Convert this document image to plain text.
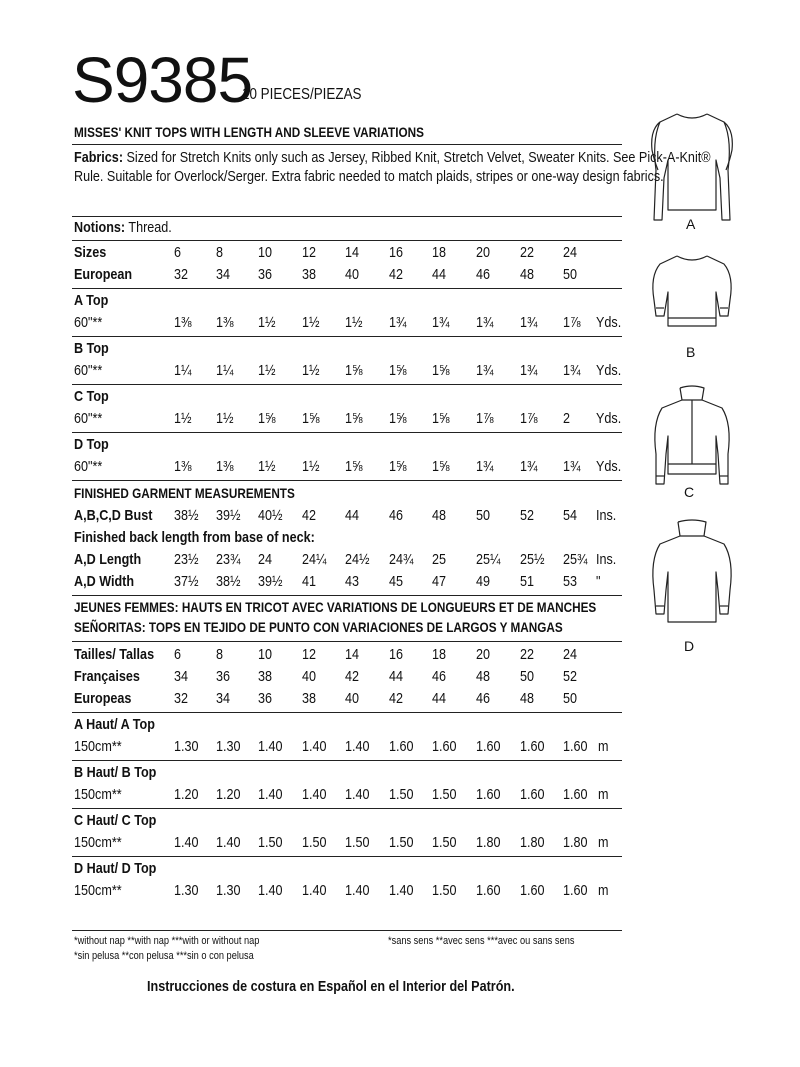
S9385
10 PIECES/PIEZAS
MISSES' KNIT TOPS WITH LENGTH AND SLEEVE VARIATIONS
Fabrics: Sized for Stretch Knits only such as Jersey, Ribbed Knit, Stretch Velvet, Sweater Knits. See Pick-A-Knit® Rule. Suitable for Overlock/Serger. Extra fabric needed to match plaids, stripes or one-way design fabrics.
Notions: Thread.
Sizes	6 8 10 12 14 16 18 20 22 24
European	32 34 36 38 40 42 44 46 48 50
A Top
60"**	1⅜ 1⅜ 1½ 1½ 1½ 1¾ 1¾ 1¾ 1¾ 1⅞ Yds.
B Top
60"**	1¼ 1¼ 1½ 1½ 1⅝ 1⅝ 1⅝ 1¾ 1¾ 1¾ Yds.
C Top
60"**	1½ 1½ 1⅝ 1⅝ 1⅝ 1⅝ 1⅝ 1⅞ 1⅞ 2 Yds.
D Top
60"**	1⅜ 1⅜ 1½ 1½ 1⅝ 1⅝ 1⅝ 1¾ 1¾ 1¾ Yds.
FINISHED GARMENT MEASUREMENTS
A,B,C,D Bust 38½ 39½ 40½ 42 44 46 48 50 52 54 Ins.
Finished back length from base of neck:
A,D Length 23½ 23¾ 24 24¼ 24½ 24¾ 25 25¼ 25½ 25¾ Ins.
A,D Width	37½ 38½ 39½ 41 43 45 47 49 51 53 "
JEUNES FEMMES: HAUTS EN TRICOT AVEC VARIATIONS DE LONGUEURS ET DE MANCHES
SEÑORITAS: TOPS EN TEJIDO DE PUNTO CON VARIACIONES DE LARGOS Y MANGAS
Tailles/ Tallas 6 8 10 12 14 16 18 20 22 24
Françaises 34 36 38 40 42 44 46 48 50 52
Europeas	32 34 36 38 40 42 44 46 48 50
A Haut/ A Top
150cm**	1.30 1.30 1.40 1.40 1.40 1.60 1.60 1.60 1.60 1.60 m
B Haut/ B Top
150cm**	1.20 1.20 1.40 1.40 1.40 1.50 1.50 1.60 1.60 1.60 m
C Haut/ C Top
150cm**	1.40 1.40 1.50 1.50 1.50 1.50 1.50 1.80 1.80 1.80 m
D Haut/ D Top
150cm**	1.30 1.30 1.40 1.40 1.40 1.40 1.50 1.60 1.60 1.60 m
*without nap **with nap ***with or without nap	*sans sens **avec sens ***avec ou sans sens
*sin pelusa **con pelusa ***sin o con pelusa
Instrucciones de costura en Español en el Interior del Patrón.
A
B
C
D
